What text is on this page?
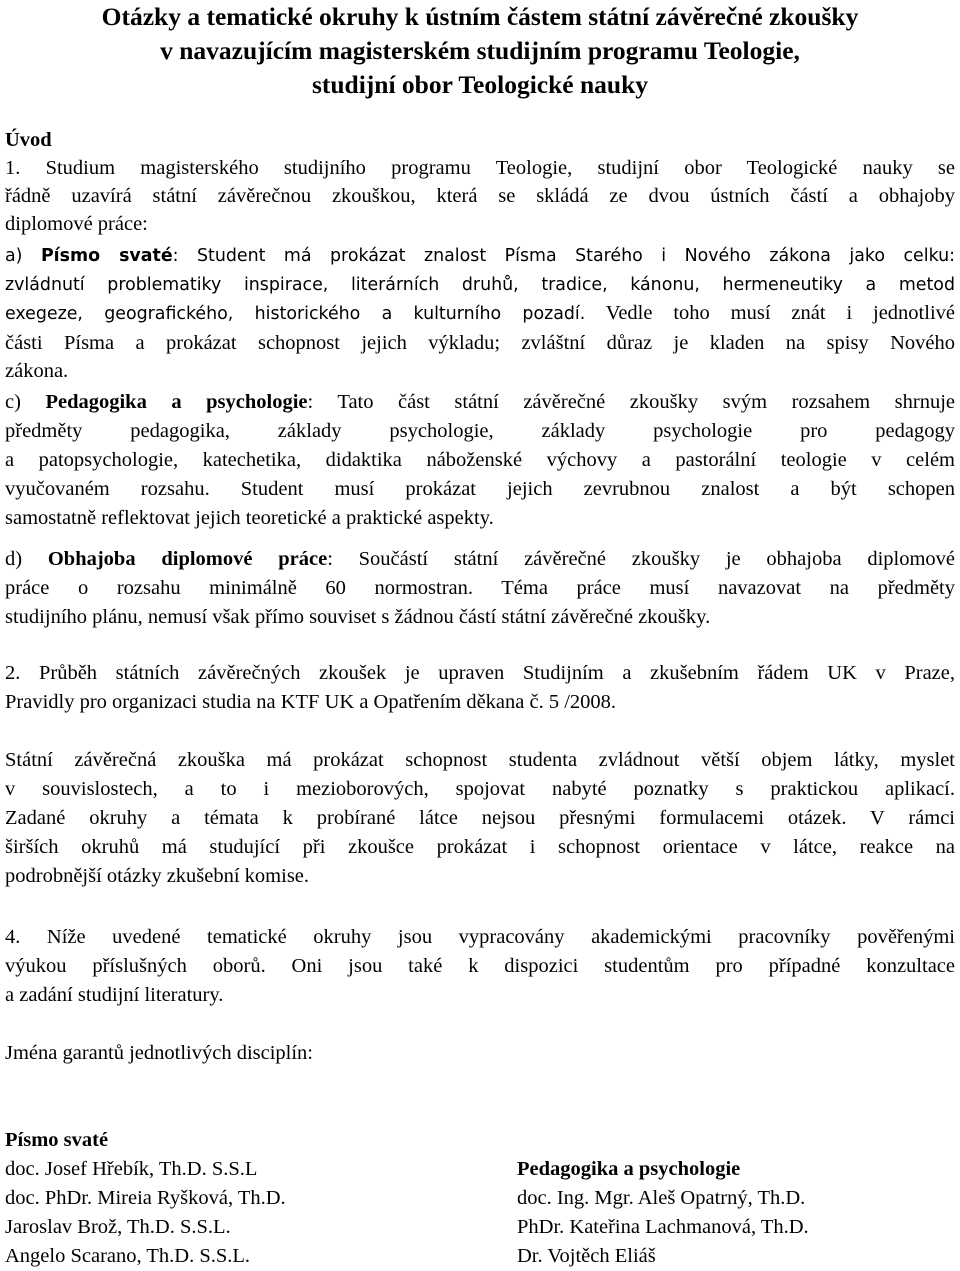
Otázky a tematické okruhy k ústním částem státní závěrečné zkoušky
v navazujícím magisterském studijním programu Teologie,
studijní obor Teologické nauky
Úvod
1. Studium magisterského studijního programu Teologie, studijní obor Teologické nauky se
řádně uzavírá státní závěrečnou zkouškou, která se skládá ze dvou ústních částí a obhajoby
diplomové práce:
a) Písmo svaté: Student má prokázat znalost Písma Starého i Nového zákona jako celku:
zvládnutí problematiky inspirace, literárních druhů, tradice, kánonu, hermeneutiky a metod
exegeze, geografického, historického a kulturního pozadí. Vedle toho musí znát i jednotlivé
části Písma a prokázat schopnost jejich výkladu; zvláštní důraz je kladen na spisy Nového
zákona.
c) Pedagogika a psychologie: Tato část státní závěrečné zkoušky svým rozsahem shrnuje
předměty pedagogika, základy psychologie, základy psychologie pro pedagogy
a patopsychologie, katechetika, didaktika náboženské výchovy a pastorální teologie v celém
vyučovaném rozsahu. Student musí prokázat jejich zevrubnou znalost a být schopen
samostatně reflektovat jejich teoretické a praktické aspekty.
d) Obhajoba diplomové práce: Součástí státní závěrečné zkoušky je obhajoba diplomové
práce o rozsahu minimálně 60 normostran. Téma práce musí navazovat na předměty
studijního plánu, nemusí však přímo souviset s žádnou částí státní závěrečné zkoušky.
2. Průběh státních závěrečných zkoušek je upraven Studijním a zkušebním řádem UK v Praze,
Pravidly pro organizaci studia na KTF UK a Opatřením děkana č. 5 /2008.
Státní závěrečná zkouška má prokázat schopnost studenta zvládnout větší objem látky, myslet
v souvislostech, a to i mezioborových, spojovat nabyté poznatky s praktickou aplikací.
Zadané okruhy a témata k probírané látce nejsou přesnými formulacemi otázek. V rámci
širších okruhů má studující při zkoušce prokázat i schopnost orientace v látce, reakce na
podrobnější otázky zkušební komise.
4. Níže uvedené tematické okruhy jsou vypracovány akademickými pracovníky pověřenými
výukou příslušných oborů. Oni jsou také k dispozici studentům pro případné konzultace
a zadání studijní literatury.
Jména garantů jednotlivých disciplín:
Písmo svaté
doc. Josef Hřebík, Th.D. S.S.L
doc. PhDr. Mireia Ryšková, Th.D.
Jaroslav Brož, Th.D. S.S.L.
Angelo Scarano, Th.D. S.S.L.
Pedagogika a psychologie
doc. Ing. Mgr. Aleš Opatrný, Th.D.
PhDr. Kateřina Lachmanová, Th.D.
Dr. Vojtěch Eliáš
